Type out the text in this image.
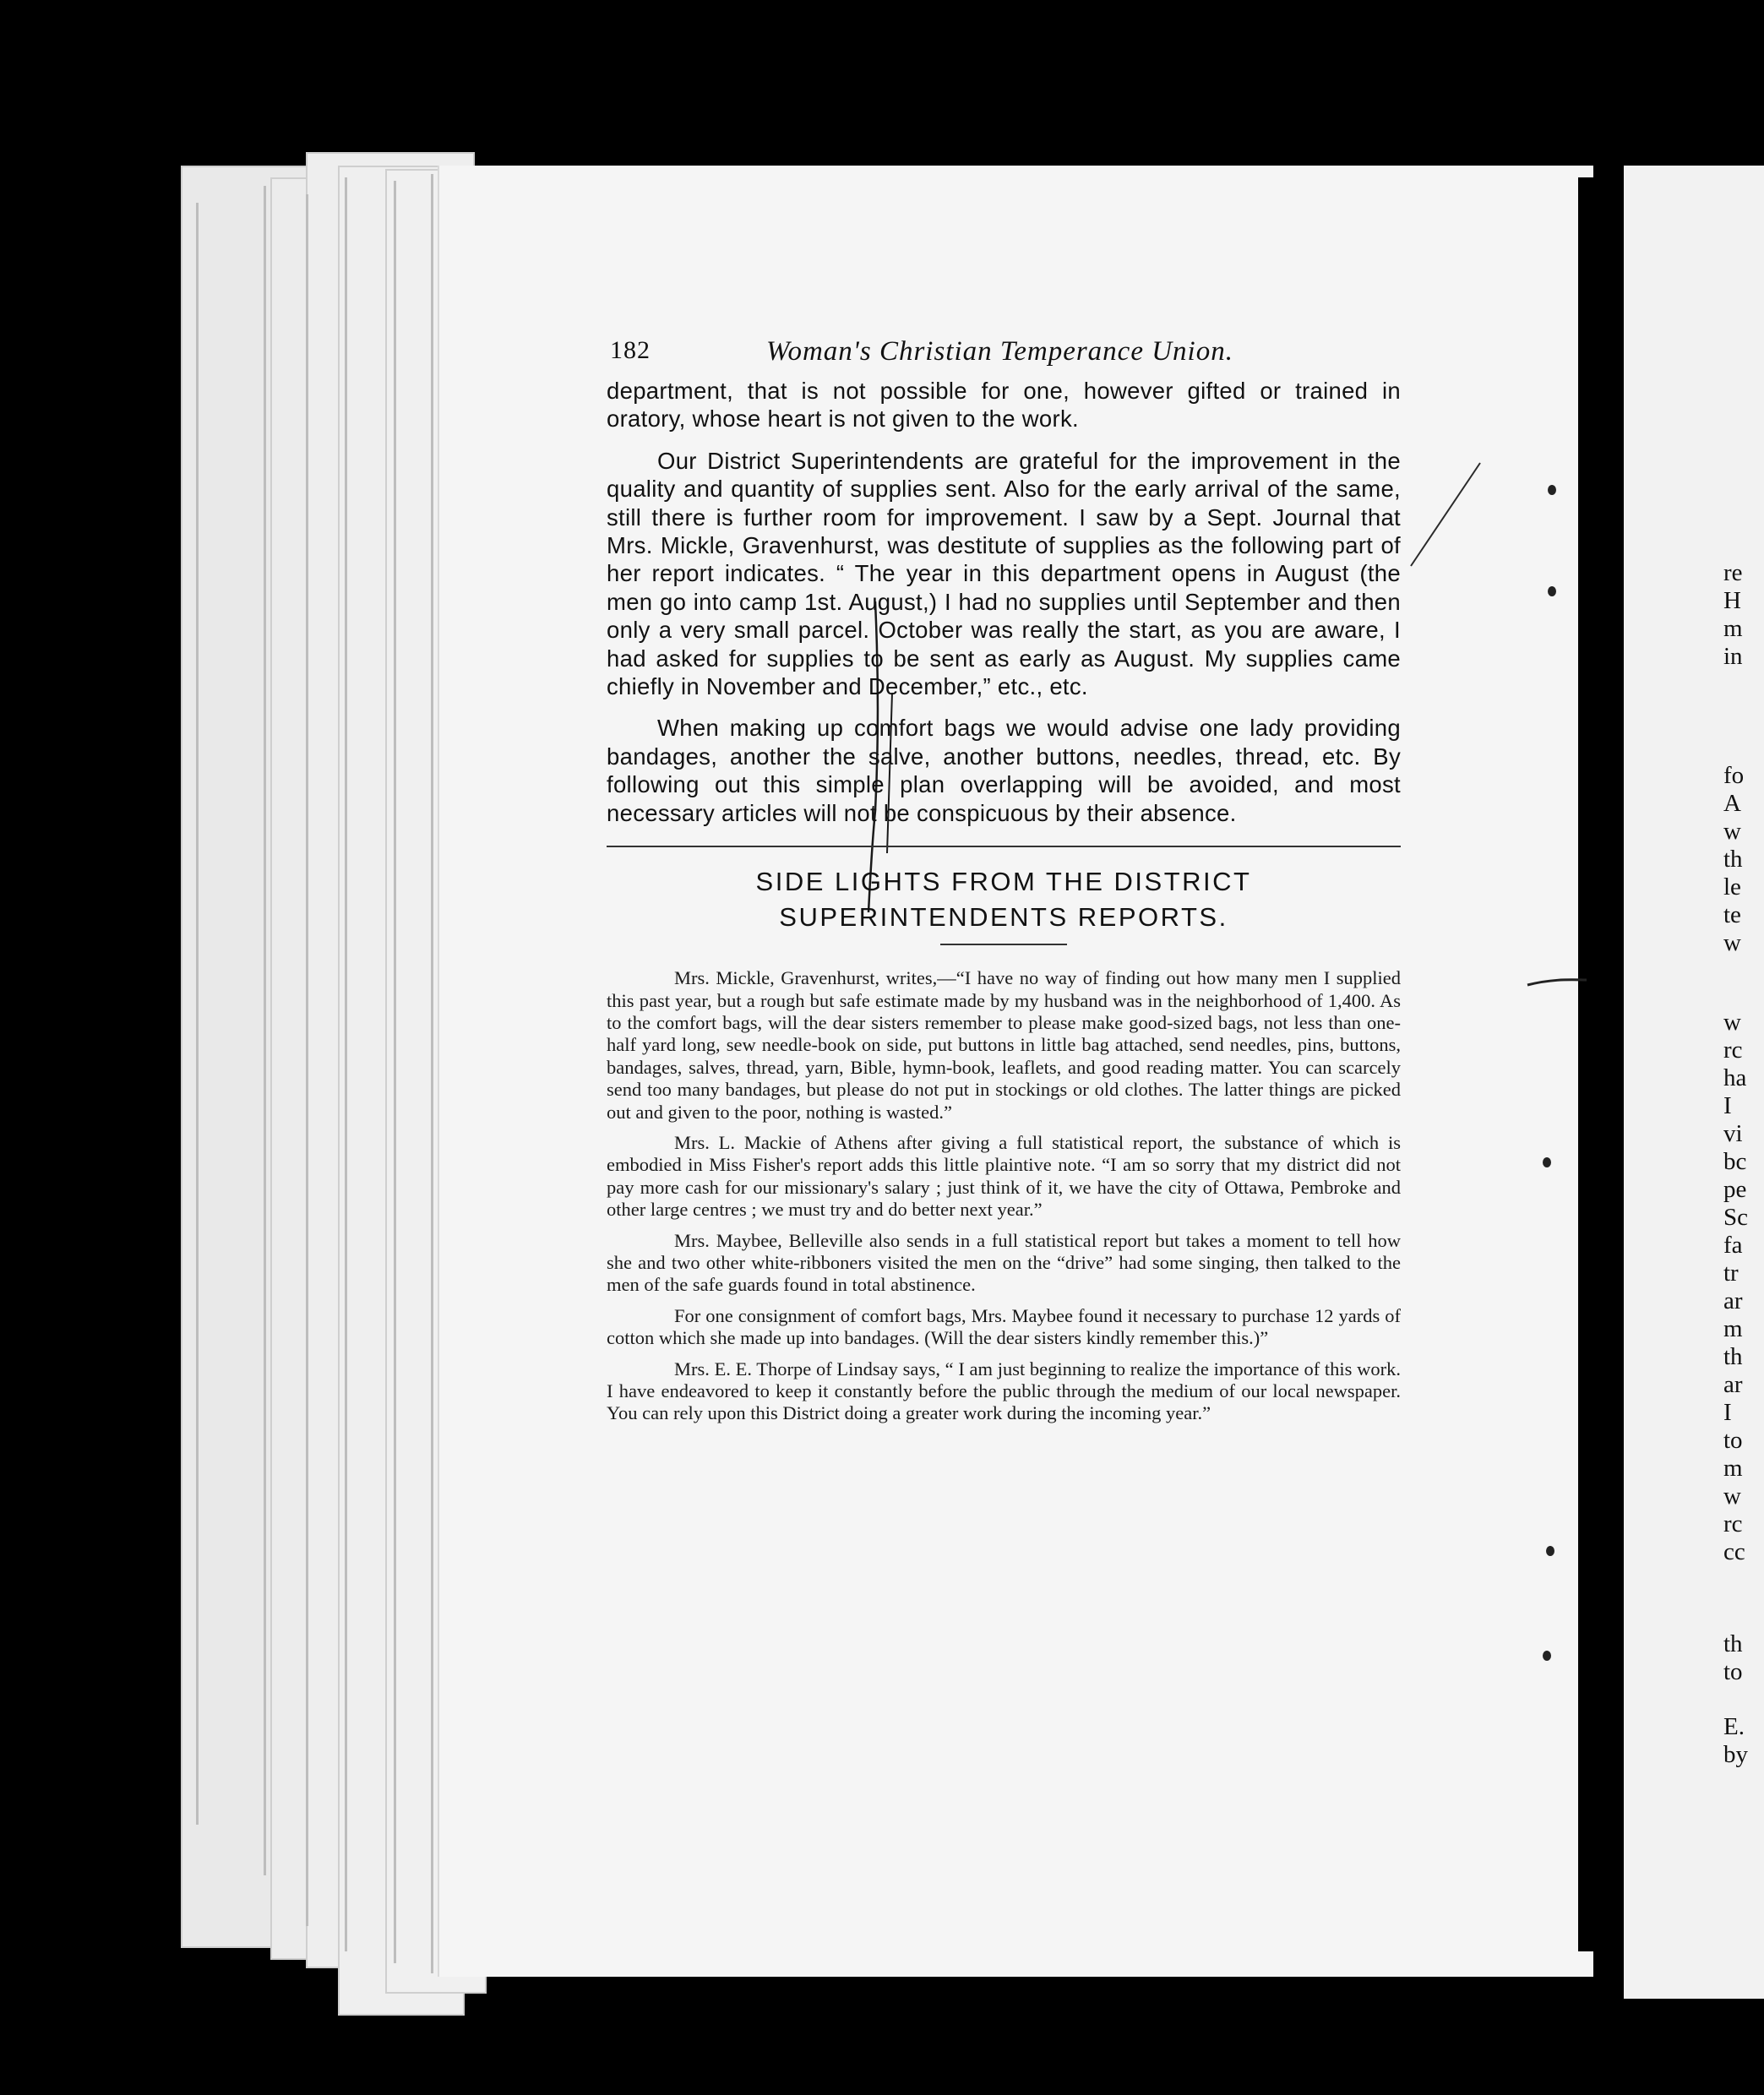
re
H
m
in
fo
A
w
th
le
te
w
w
rc
ha
I
vi
bc
pe
Sc
fa
tr
ar
m
th
ar
I
to
m
w
rc
cc
th
to
E.
by
182	Woman's Christian Temperance Union.

department, that is not possible for one, however gifted or trained in oratory, whose heart is not given to the work.

Our District Superintendents are grateful for the improvement in the quality and quantity of supplies sent. Also for the early arrival of the same, still there is further room for improvement. I saw by a Sept. Journal that Mrs. Mickle, Gravenhurst, was destitute of supplies as the following part of her report indicates. “ The year in this department opens in August (the men go into camp 1st. August,) I had no supplies until September and then only a very small parcel. October was really the start, as you are aware, I had asked for supplies to be sent as early as August. My supplies came chiefly in November and December,” etc., etc.

When making up comfort bags we would advise one lady providing bandages, another the salve, another buttons, needles, thread, etc. By following out this simple plan overlapping will be avoided, and most necessary articles will not be conspicuous by their absence.

SIDE LIGHTS FROM THE DISTRICT
SUPERINTENDENTS REPORTS.

Mrs. Mickle, Gravenhurst, writes,—“I have no way of finding out how many men I supplied this past year, but a rough but safe estimate made by my husband was in the neighborhood of 1,400. As to the comfort bags, will the dear sisters remember to please make good-sized bags, not less than one-half yard long, sew needle-book on side, put buttons in little bag attached, send needles, pins, buttons, bandages, salves, thread, yarn, Bible, hymn-book, leaflets, and good reading matter. You can scarcely send too many bandages, but please do not put in stockings or old clothes. The latter things are picked out and given to the poor, nothing is wasted.”

Mrs. L. Mackie of Athens after giving a full statistical report, the substance of which is embodied in Miss Fisher's report adds this little plaintive note. “I am so sorry that my district did not pay more cash for our missionary's salary ; just think of it, we have the city of Ottawa, Pembroke and other large centres ; we must try and do better next year.”

Mrs. Maybee, Belleville also sends in a full statistical report but takes a moment to tell how she and two other white-ribboners visited the men on the “drive” had some singing, then talked to the men of the safe guards found in total abstinence.

For one consignment of comfort bags, Mrs. Maybee found it necessary to purchase 12 yards of cotton which she made up into bandages. (Will the dear sisters kindly remember this.)”

Mrs. E. E. Thorpe of Lindsay says, “ I am just beginning to realize the importance of this work. I have endeavored to keep it constantly before the public through the medium of our local newspaper. You can rely upon this District doing a greater work during the incoming year.”
